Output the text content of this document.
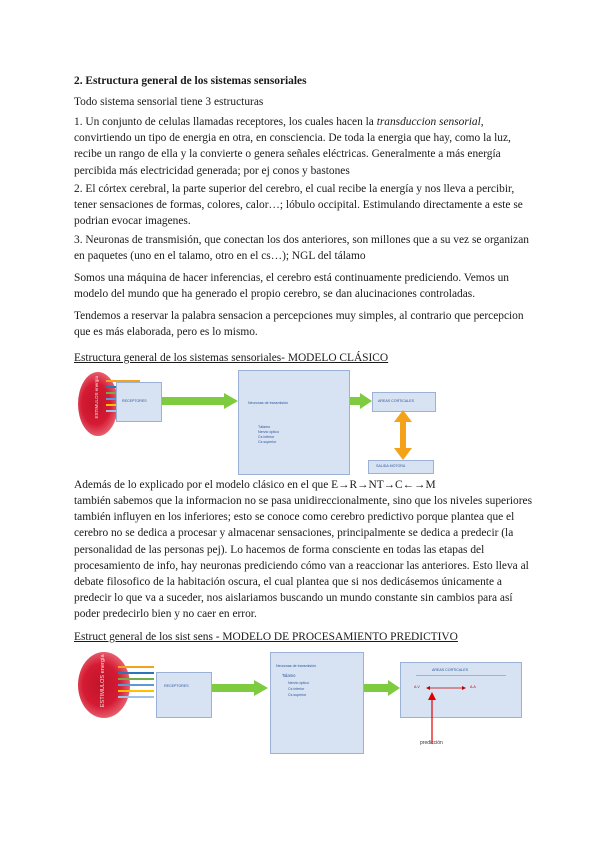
2. Estructura general de los sistemas sensoriales

Todo sistema sensorial tiene 3 estructuras

1. Un conjunto de celulas llamadas receptores, los cuales hacen la transduccion sensorial, convirtiendo un tipo de energia en otra, en consciencia. De toda la energia que hay, como la luz, recibe un rango de ella y la convierte o genera señales eléctricas. Generalmente a más energía percibida más electricidad generada; por ej conos y bastones

2. El córtex cerebral, la parte superior del cerebro, el cual recibe la energía y nos lleva a percibir, tener sensaciones de formas, colores, calor…; lóbulo occipital. Estimulando directamente a este se podrian evocar imagenes.

3. Neuronas de transmisión, que conectan los dos anteriores, son millones que a su vez se organizan en paquetes (uno en el talamo, otro en el cs…); NGL del tálamo

Somos una máquina de hacer inferencias, el cerebro está continuamente prediciendo. Vemos un modelo del mundo que ha generado el propio cerebro, se dan alucinaciones controladas.

Tendemos a reservar la palabra sensacion a percepciones muy simples, al contrario que percepcion que es más elaborada, pero es lo mismo.

Estructura general de los sistemas sensoriales- MODELO CLÁSICO

ESTIMULOS energía	RECEPTORES	Neuronas de transmisión
Tálamo
Nervio óptico
Cs inferior
Cs superior
AREAS CORTICALES
SALIDA MOTORA

Además de lo explicado por el modelo clásico en el que E→R→NT→C←→M

también sabemos que la informacion no se pasa unidireccionalmente, sino que los niveles superiores también influyen en los inferiores; esto se conoce como cerebro predictivo porque plantea que el cerebro no se dedica a procesar y almacenar sensaciones, principalmente se dedica a predecir (la personalidad de las personas pej). Lo hacemos de forma consciente en todas las etapas del procesamiento de info, hay neuronas prediciendo cómo van a reaccionar las anteriores. Esto lleva al debate filosofico de la habitación oscura, el cual plantea que si nos dedicásemos únicamente a predecir lo que va a suceder, nos aislariamos buscando un mundo constante sin cambios para así poder predecirlo bien y no caer en error.

Estruct general de los sist sens - MODELO DE PROCESAMIENTO PREDICTIVO

ESTIMULOS energía	RECEPTORES
Neuronas de transmisión
Talamo
Nervio óptico
Cs inferior
Cs superior
AREAS CORTICALES
A.V	A.A
predicción
